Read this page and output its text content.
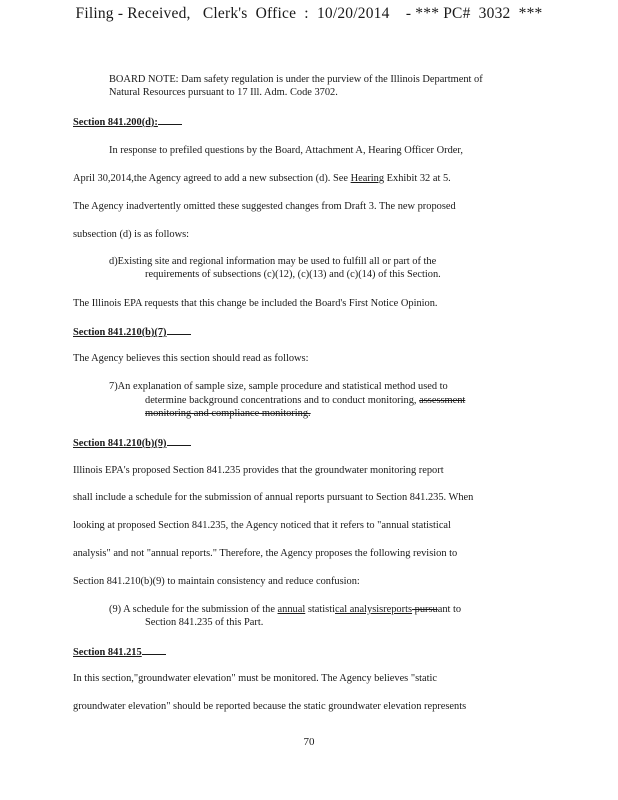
Filing - Received,   Clerk's  Office  :  10/20/2014    - *** PC#  3032  ***
BOARD NOTE: Dam safety regulation is under the purview of the Illinois Department of
Natural Resources pursuant to 17 Ill. Adm. Code 3702.
Section 841.200(d):
In response to prefiled questions by the Board, Attachment A, Hearing Officer Order,
April 30,2014,the Agency agreed to add a new subsection (d). See Hearing Exhibit 32 at 5.
The Agency inadvertently omitted these suggested changes from Draft 3. The new proposed
subsection (d) is as follows:
d)Existing site and regional information may be used to fulfill all or part of the
requirements of subsections (c)(12), (c)(13) and (c)(14) of this Section.
The Illinois EPA requests that this change be included the Board's First Notice Opinion.
Section 841.210(b)(7)
The Agency believes this section should read as follows:
7)An explanation of sample size, sample procedure and statistical method used to
determine background concentrations and to conduct monitoring, assessment
monitoring and compliance monitoring.
Section 841.210(b)(9)
Illinois EPA's proposed Section 841.235 provides that the groundwater monitoring report
shall include a schedule for the submission of annual reports pursuant to Section 841.235. When
looking at proposed Section 841.235, the Agency noticed that it refers to "annual statistical
analysis" and not "annual reports." Therefore, the Agency proposes the following revision to
Section 841.210(b)(9) to maintain consistency and reduce confusion:
(9) A schedule for the submission of the annual statistical analysisreports pursuant to
Section 841.235 of this Part.
Section 841.215
In this section,"groundwater elevation" must be monitored. The Agency believes "static
groundwater elevation" should be reported because the static groundwater elevation represents
70
